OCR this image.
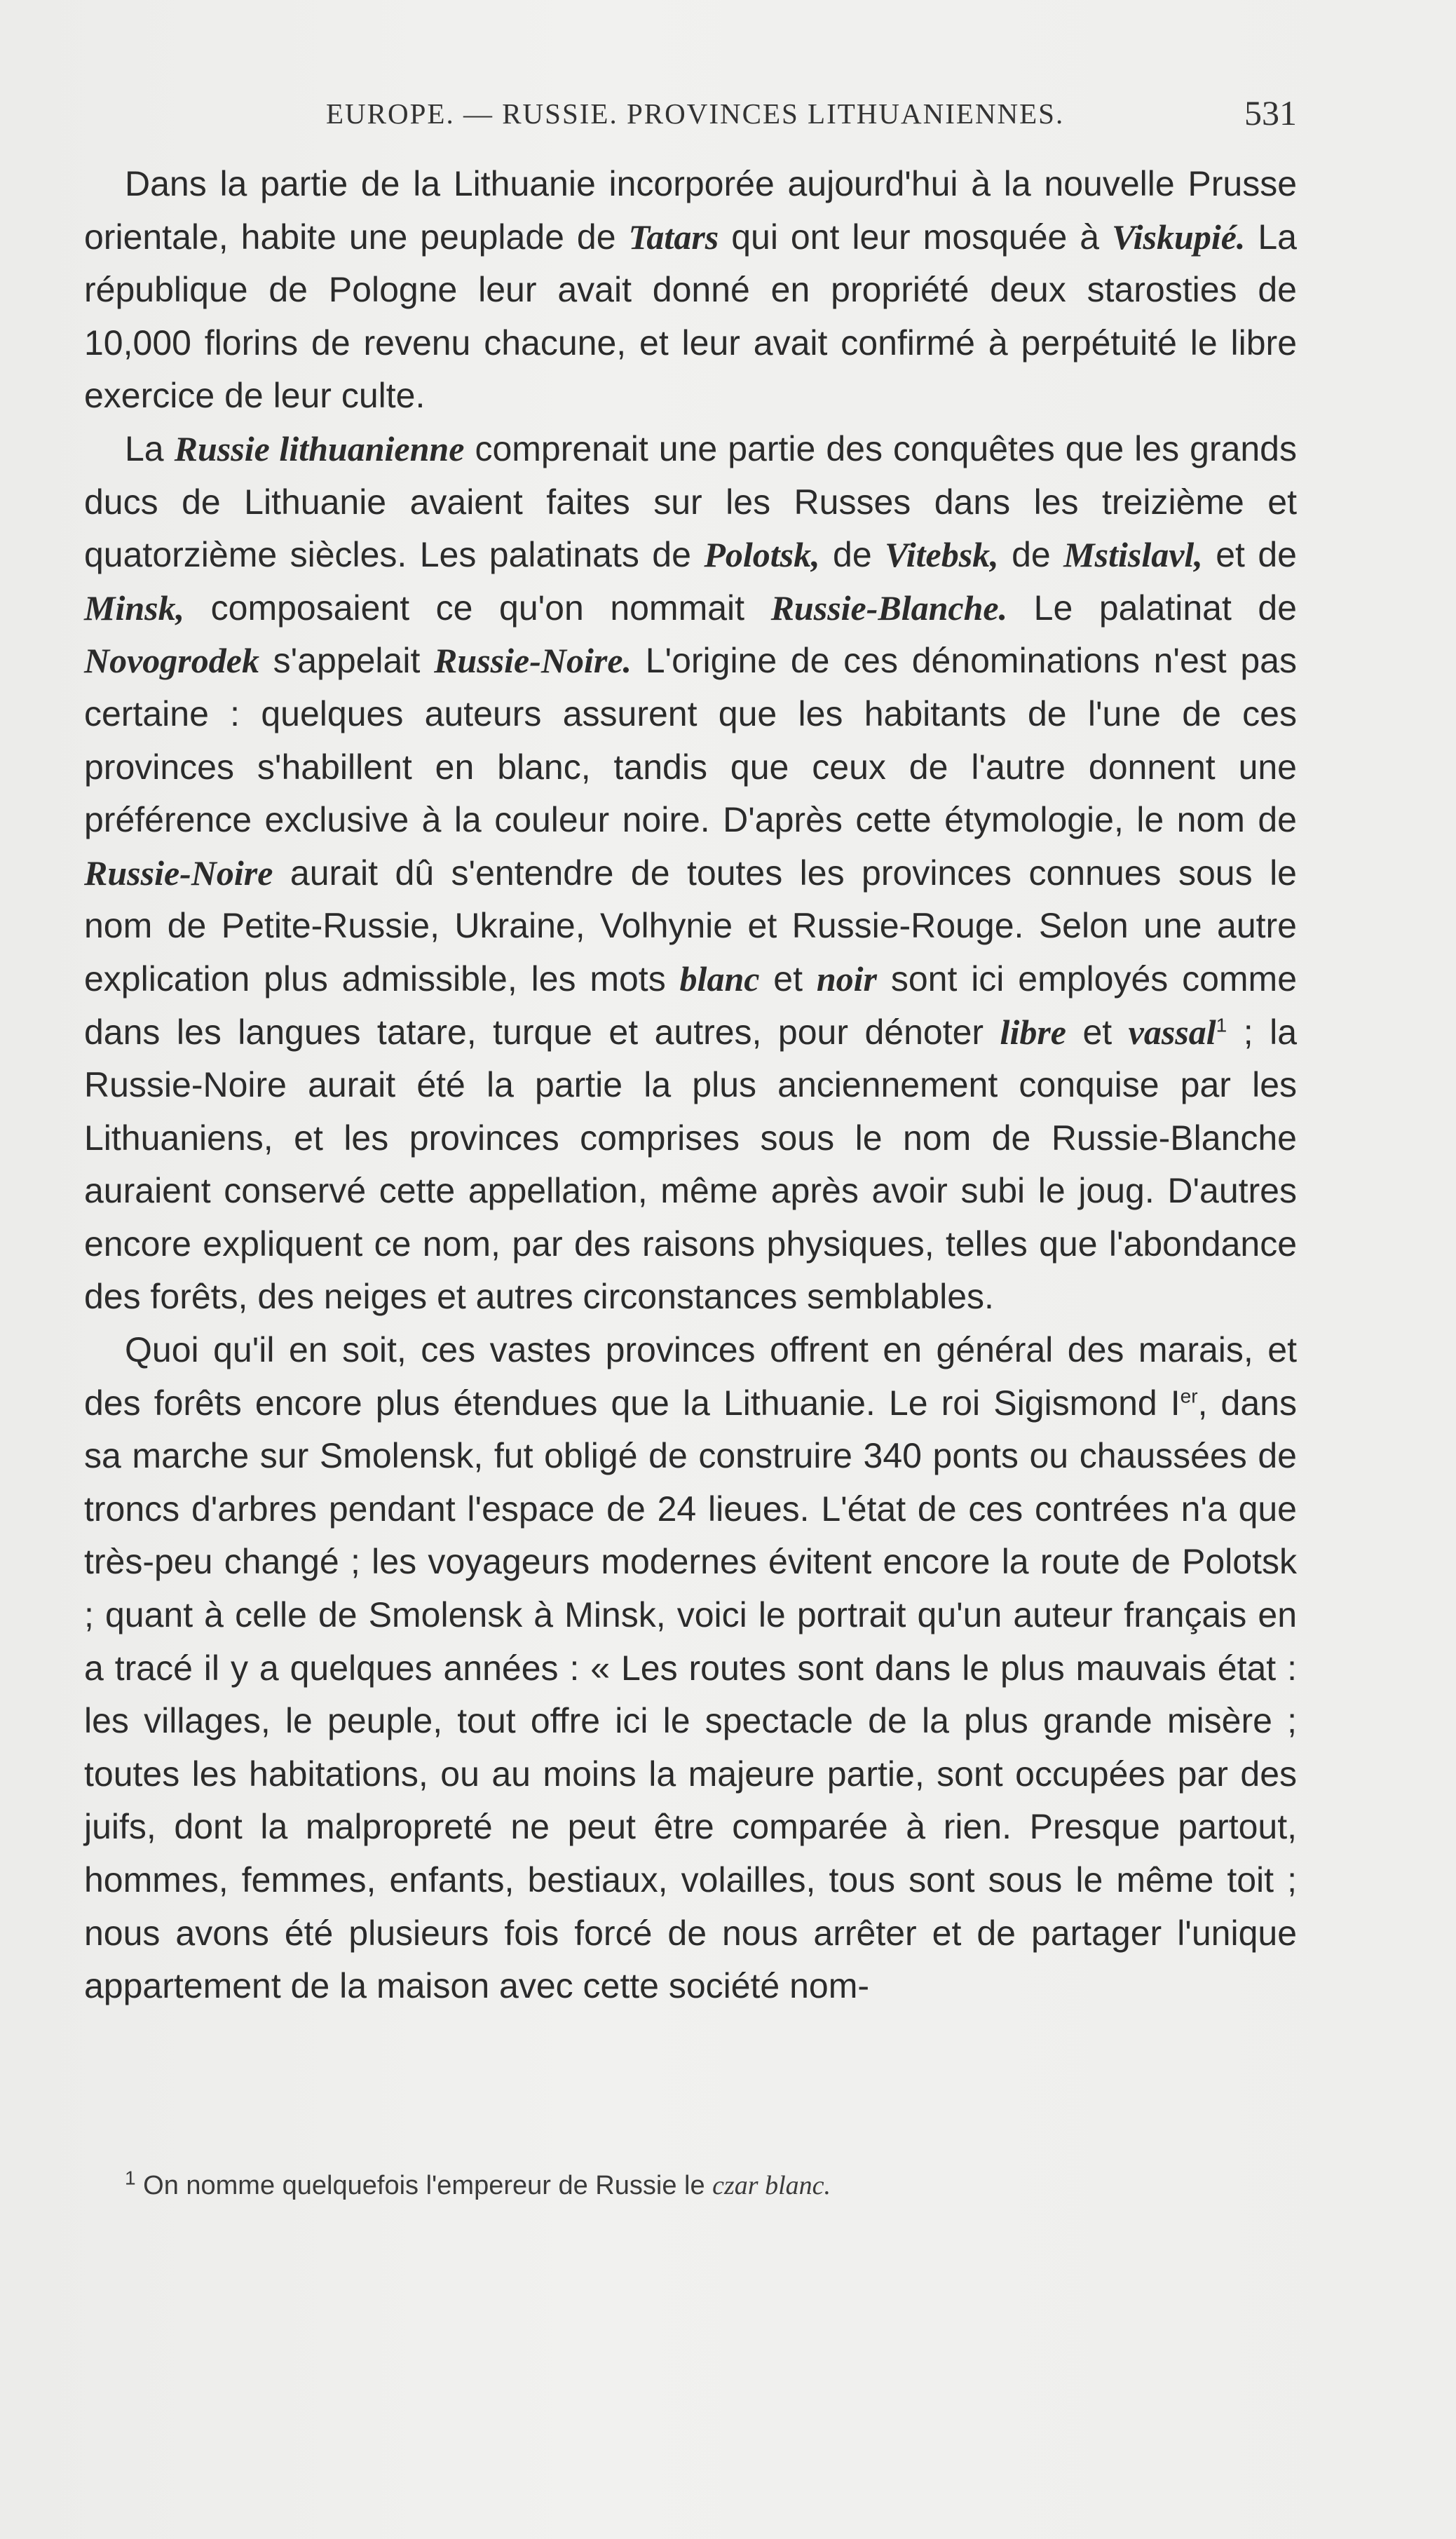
EUROPE. — RUSSIE. PROVINCES LITHUANIENNES.	531

Dans la partie de la Lithuanie incorporée aujourd'hui à la nouvelle Prusse orientale, habite une peuplade de Tatars qui ont leur mosquée à Viskupié. La république de Pologne leur avait donné en propriété deux starosties de 10,000 florins de revenu chacune, et leur avait confirmé à perpétuité le libre exercice de leur culte.

La Russie lithuanienne comprenait une partie des conquêtes que les grands ducs de Lithuanie avaient faites sur les Russes dans les treizième et quatorzième siècles. Les palatinats de Polotsk, de Vitebsk, de Mstislavl, et de Minsk, composaient ce qu'on nommait Russie-Blanche. Le palatinat de Novogrodek s'appelait Russie-Noire. L'origine de ces dénominations n'est pas certaine : quelques auteurs assurent que les habitants de l'une de ces provinces s'habillent en blanc, tandis que ceux de l'autre donnent une préférence exclusive à la couleur noire. D'après cette étymologie, le nom de Russie-Noire aurait dû s'entendre de toutes les provinces connues sous le nom de Petite-Russie, Ukraine, Volhynie et Russie-Rouge. Selon une autre explication plus admissible, les mots blanc et noir sont ici employés comme dans les langues tatare, turque et autres, pour dénoter libre et vassal$^1$ ; la Russie-Noire aurait été la partie la plus anciennement conquise par les Lithuaniens, et les provinces comprises sous le nom de Russie-Blanche auraient conservé cette appellation, même après avoir subi le joug. D'autres encore expliquent ce nom, par des raisons physiques, telles que l'abondance des forêts, des neiges et autres circonstances semblables.

Quoi qu'il en soit, ces vastes provinces offrent en général des marais, et des forêts encore plus étendues que la Lithuanie. Le roi Sigismond Ier, dans sa marche sur Smolensk, fut obligé de construire 340 ponts ou chaussées de troncs d'arbres pendant l'espace de 24 lieues. L'état de ces contrées n'a que très-peu changé ; les voyageurs modernes évitent encore la route de Polotsk ; quant à celle de Smolensk à Minsk, voici le portrait qu'un auteur français en a tracé il y a quelques années : « Les routes sont dans le plus mauvais état : les villages, le peuple, tout offre ici le spectacle de la plus grande misère ; toutes les habitations, ou au moins la majeure partie, sont occupées par des juifs, dont la malpropreté ne peut être comparée à rien. Presque partout, hommes, femmes, enfants, bestiaux, volailles, tous sont sous le même toit ; nous avons été plusieurs fois forcé de nous arrêter et de partager l'unique appartement de la maison avec cette société nom-

$^1$ On nomme quelquefois l'empereur de Russie le czar blanc.
